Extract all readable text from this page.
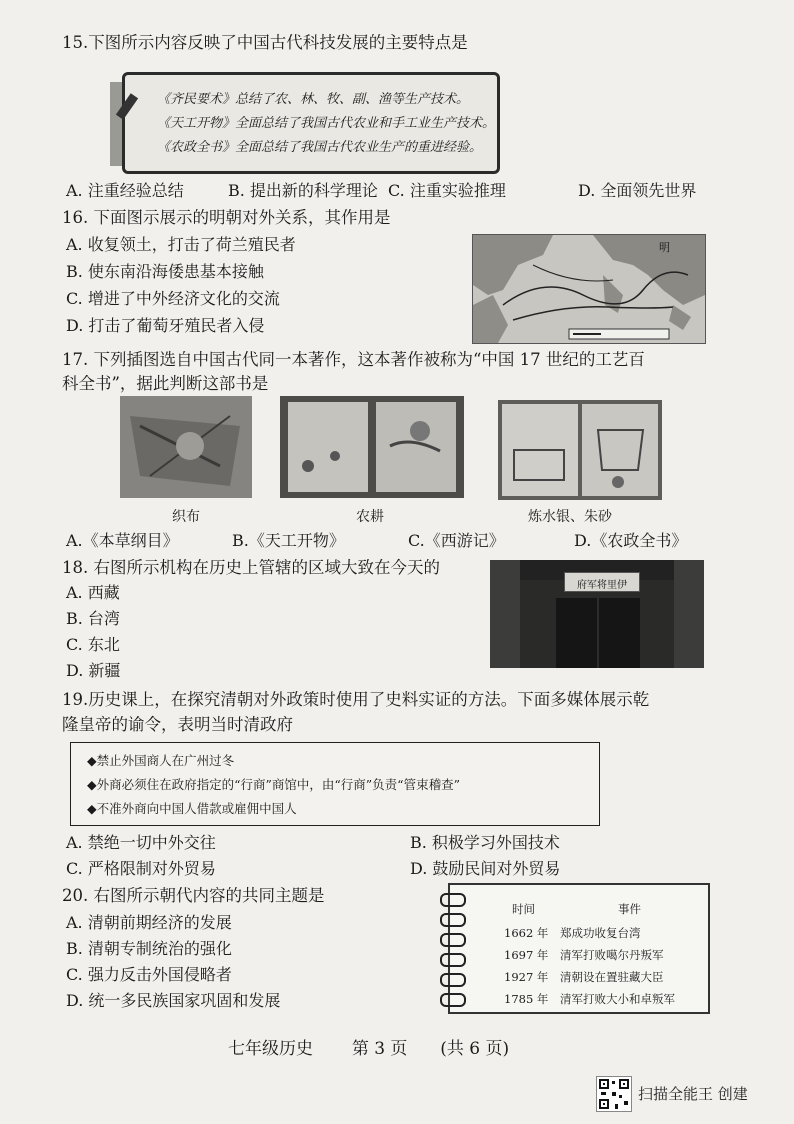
15.下图所示内容反映了中国古代科技发展的主要特点是
《齐民要术》总结了农、林、牧、副、渔等生产技术。
《天工开物》全面总结了我国古代农业和手工业生产技术。
《农政全书》全面总结了我国古代农业生产的重进经验。
A. 注重经验总结	B. 提出新的科学理论 C. 注重实验推理	D. 全面领先世界
16. 下面图示展示的明朝对外关系，其作用是
A. 收复领土，打击了荷兰殖民者
B. 使东南沿海倭患基本接触
C. 增进了中外经济文化的交流
D. 打击了葡萄牙殖民者入侵
明
17. 下列插图选自中国古代同一本著作，这本著作被称为“中国 17 世纪的工艺百
科全书”，据此判断这部书是
织布	农耕	炼水银、朱砂
A.《本草纲目》	B.《天工开物》	C.《西游记》	D.《农政全书》
18. 右图所示机构在历史上管辖的区域大致在今天的
A. 西藏
B. 台湾
C. 东北
D. 新疆
府军将里伊
19.历史课上，在探究清朝对外政策时使用了史料实证的方法。下面多媒体展示乾
隆皇帝的谕令，表明当时清政府
◆禁止外国商人在广州过冬
◆外商必须住在政府指定的“行商”商馆中，由“行商”负责“管束稽查”
◆不准外商向中国人借款或雇佣中国人
A. 禁绝一切中外交往	B. 积极学习外国技术
C. 严格限制对外贸易	D. 鼓励民间对外贸易
20. 右图所示朝代内容的共同主题是
A. 清朝前期经济的发展
B. 清朝专制统治的强化
C. 强力反击外国侵略者
D. 统一多民族国家巩固和发展
时间	事件
1662 年 郑成功收复台湾
1697 年 清军打败噶尔丹叛军
1927 年 清朝设在置驻藏大臣
1785 年 清军打败大小和卓叛军
七年级历史 第 3 页 (共 6 页)
扫描全能王 创建
